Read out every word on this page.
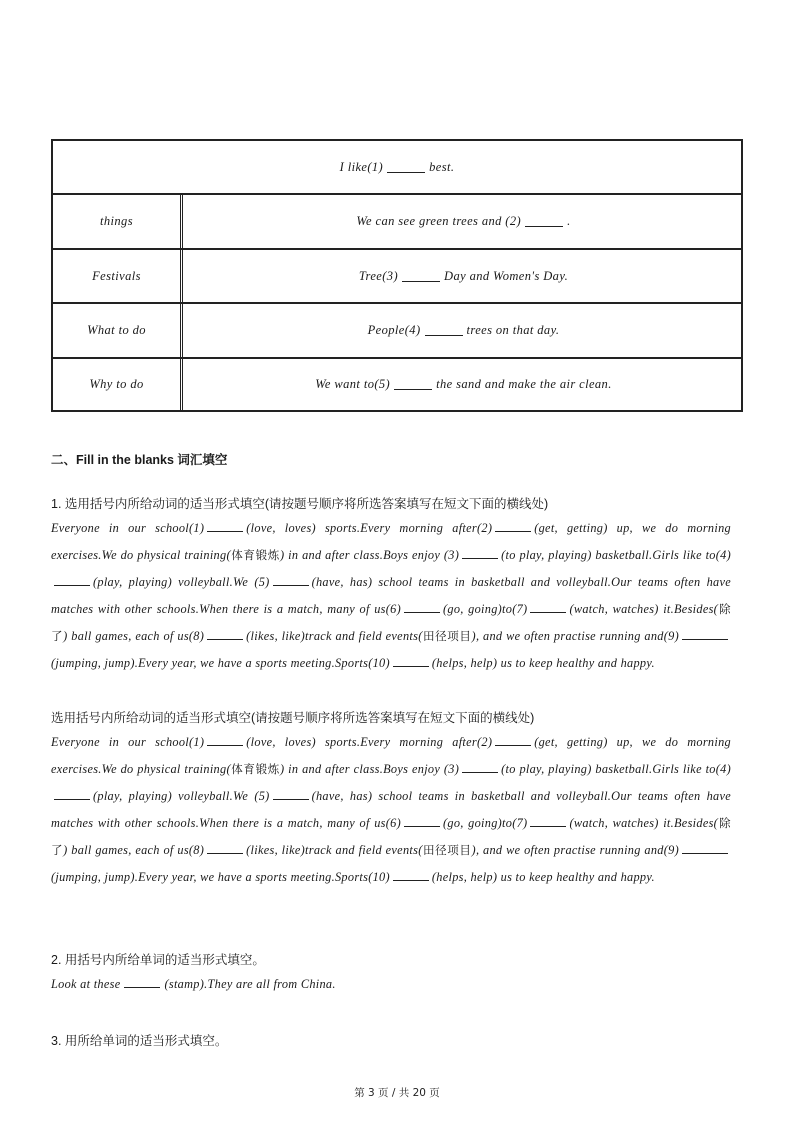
I like(1)	best.
things	We can see green trees and (2)	.
Festivals	Tree(3)	Day and Women's Day.
What to do	People(4)	trees on that day.
Why to do	We want to(5)	the sand and make the air clean.
二、Fill in the blanks 词汇填空
1. 选用括号内所给动词的适当形式填空(请按题号顺序将所选答案填写在短文下面的横线处)
Everyone in our school(1)	(love, loves) sports.Every morning after(2)	(get, getting) up, we do morning exercises.We do physical training(体育锻炼) in and after class.Boys enjoy (3)	(to play, playing) basketball.Girls like to(4)(play, playing) volleyball.We (5)	(have, has) school teams in basketball and volleyball.Our teams often have matches with other schools.When there is a match, many of us(6)	(go, going)to(7)	(watch, watches) it.Besides(除了) ball games, each of us(8)	(likes, like)track and field events(田径项目), and we often practise running and(9)(jumping, jump).Every year, we have a sports meeting.Sports(10)	(helps, help) us to keep healthy and happy.
选用括号内所给动词的适当形式填空(请按题号顺序将所选答案填写在短文下面的横线处)
Everyone in our school(1)	(love, loves) sports.Every morning after(2)	(get, getting) up, we do morning exercises.We do physical training(体育锻炼) in and after class.Boys enjoy (3)	(to play, playing) basketball.Girls like to(4)(play, playing) volleyball.We (5)	(have, has) school teams in basketball and volleyball.Our teams often have matches with other schools.When there is a match, many of us(6)	(go, going)to(7)	(watch, watches) it.Besides(除了) ball games, each of us(8)	(likes, like)track and field events(田径项目), and we often practise running and(9)(jumping, jump).Every year, we have a sports meeting.Sports(10)	(helps, help) us to keep healthy and happy.
2. 用括号内所给单词的适当形式填空。
Look at these	(stamp).They are all from China.
3. 用所给单词的适当形式填空。
第 3 页 / 共 20 页
